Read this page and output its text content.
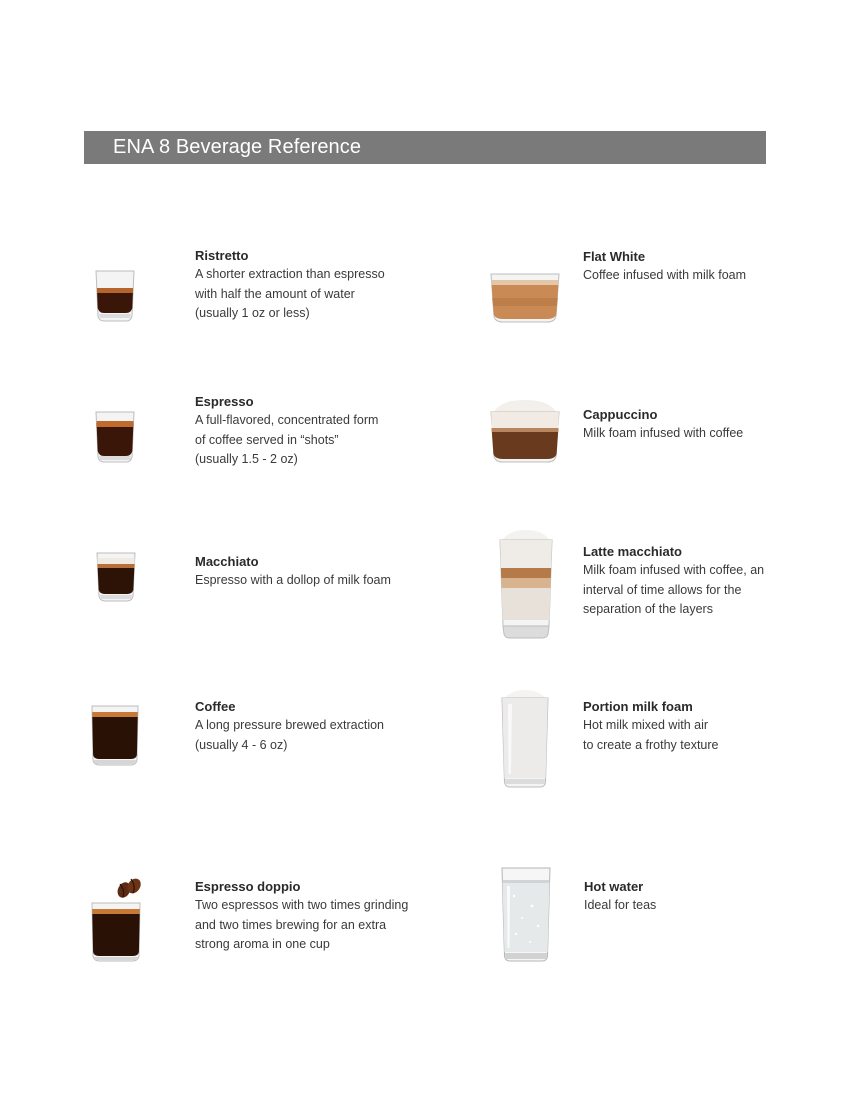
ENA 8 Beverage Reference
Ristretto
A shorter extraction than espresso
with half the amount of water
(usually 1 oz or less)
Espresso
A full-flavored, concentrated form
of coffee served in “shots”
(usually 1.5 - 2 oz)
Macchiato
Espresso with a dollop of milk foam
Coffee
A long pressure brewed extraction
(usually 4 - 6 oz)
Espresso doppio
Two espressos with two times grinding
and two times brewing for an extra
strong aroma in one cup
Flat White
Coffee infused with milk foam
Cappuccino
Milk foam infused with coffee
Latte macchiato
Milk foam infused with coffee, an
interval of time allows for the
separation of the layers
Portion milk foam
Hot milk mixed with air
to create a frothy texture
Hot water
Ideal for teas
